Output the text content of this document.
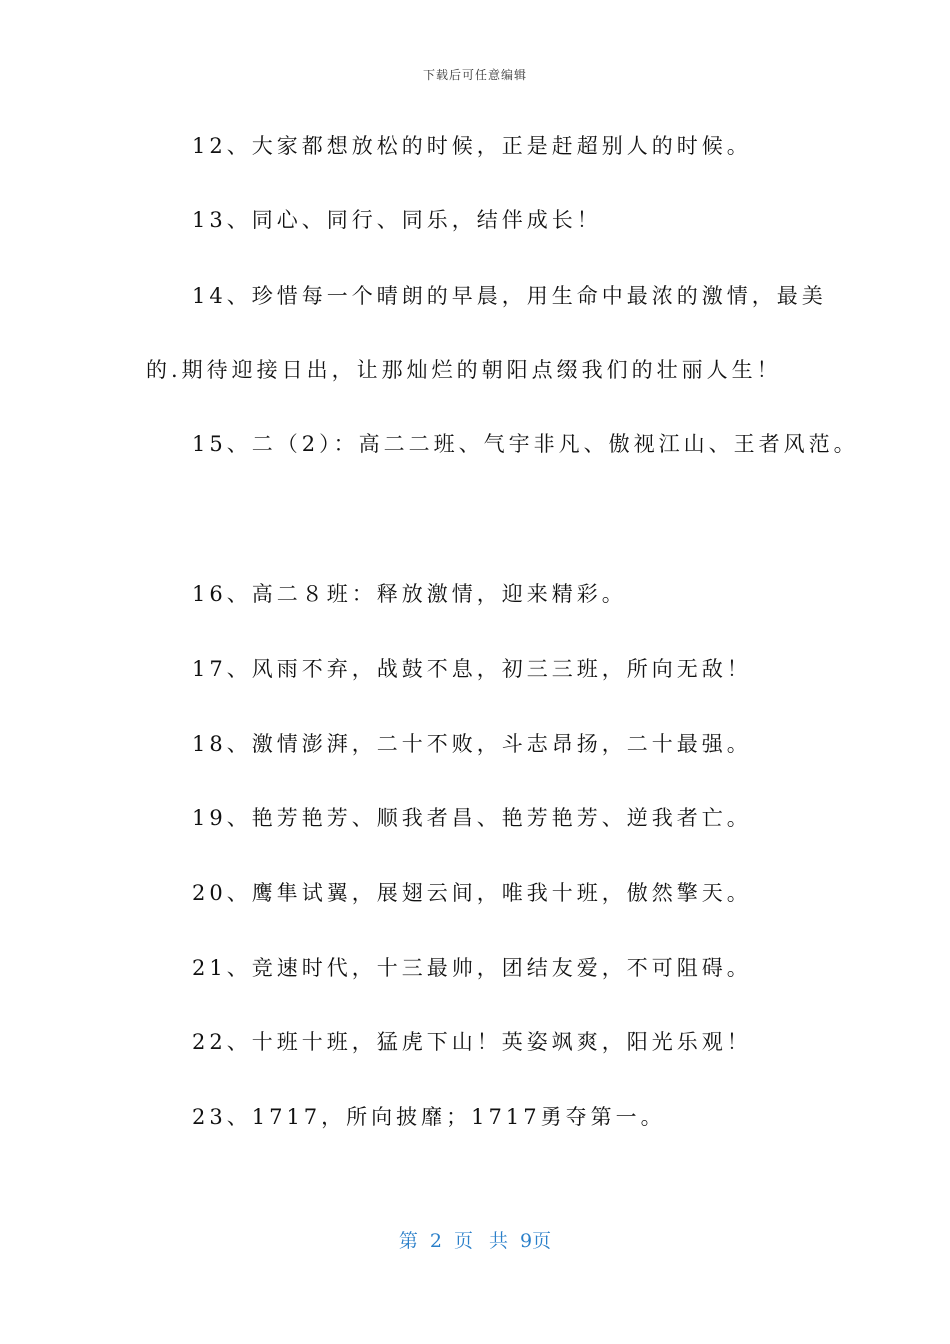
下载后可任意编辑
12、大家都想放松的时候，正是赶超别人的时候。
13、同心、同行、同乐，结伴成长！
14、珍惜每一个晴朗的早晨，用生命中最浓的激情，最美
的.期待迎接日出，让那灿烂的朝阳点缀我们的壮丽人生！
15、二（2）：高二二班、气宇非凡、傲视江山、王者风范。
16、高二８班：释放激情，迎来精彩。
17、风雨不弃，战鼓不息，初三三班，所向无敌！
18、激情澎湃，二十不败，斗志昂扬，二十最强。
19、艳芳艳芳、顺我者昌、艳芳艳芳、逆我者亡。
20、鹰隼试翼，展翅云间，唯我十班，傲然擎天。
21、竞速时代，十三最帅，团结友爱，不可阻碍。
22、十班十班，猛虎下山！英姿飒爽，阳光乐观！
23、1717，所向披靡；1717勇夺第一。
第 2 页 共 9页
